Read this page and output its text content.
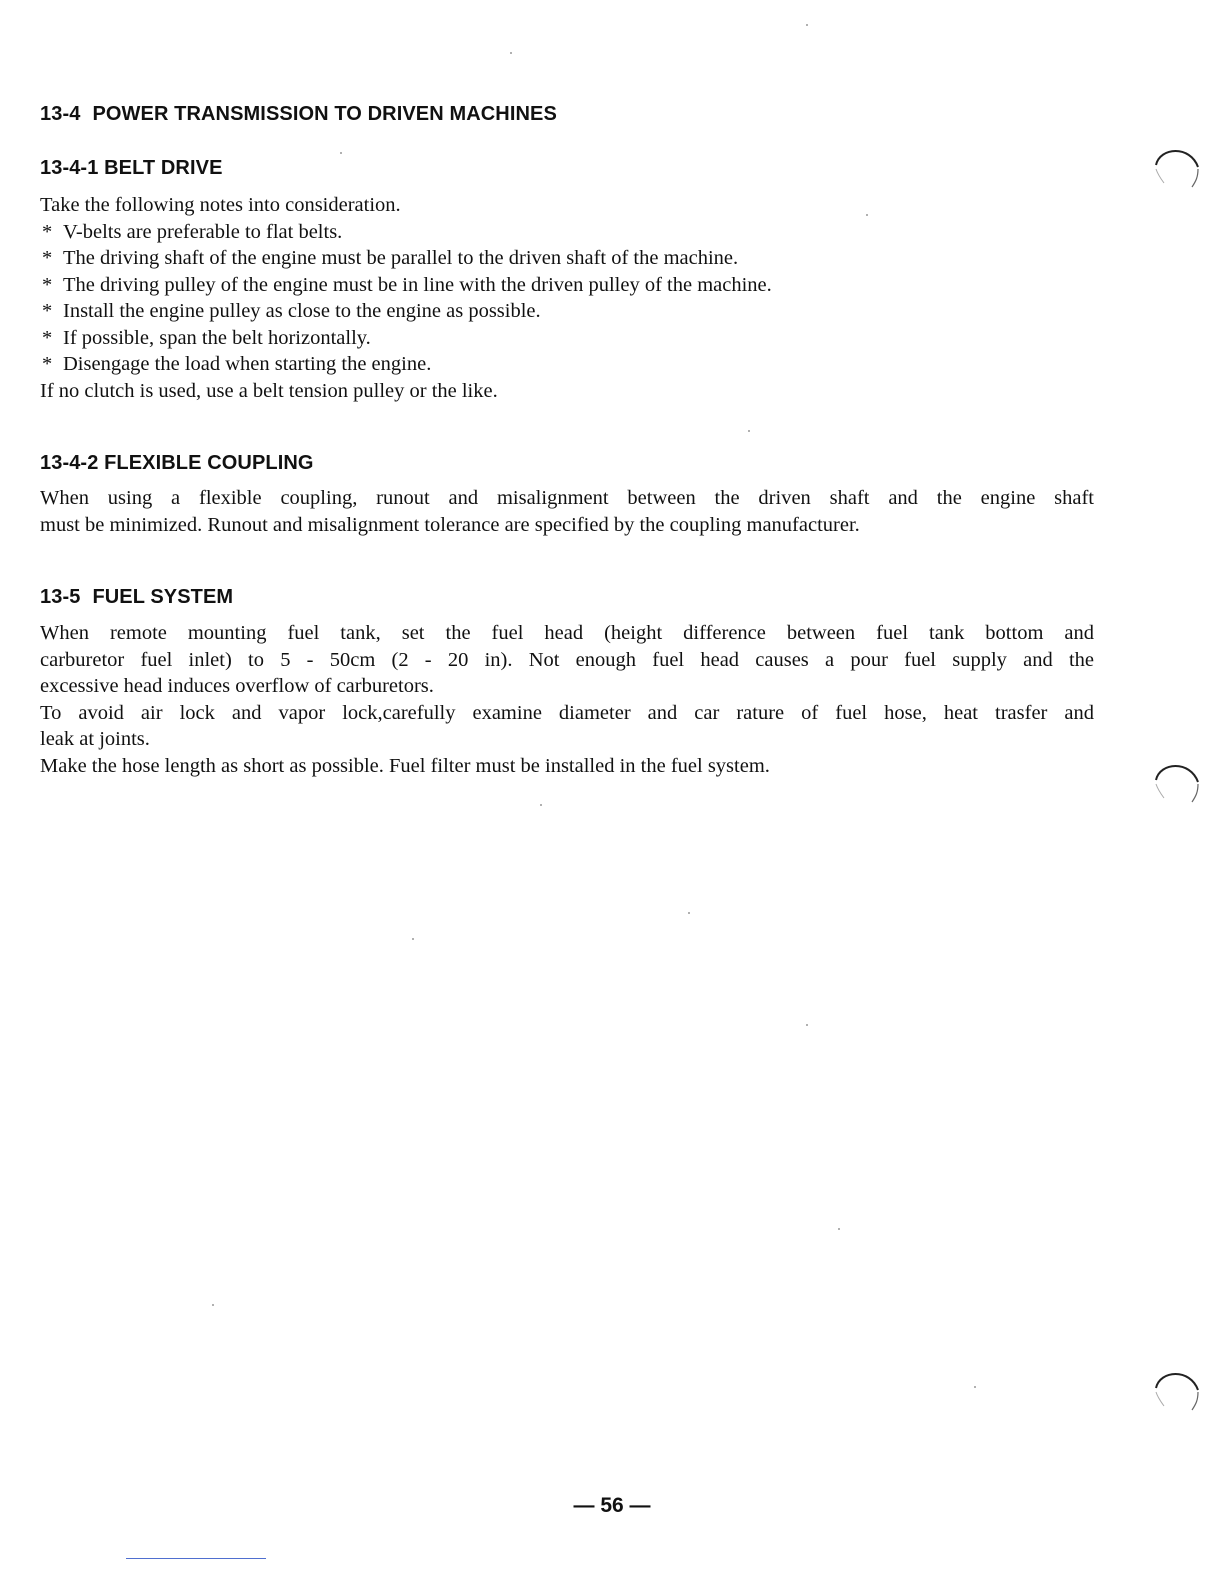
13-4 POWER TRANSMISSION TO DRIVEN MACHINES
13-4-1 BELT DRIVE
Take the following notes into consideration.
* V-belts are preferable to flat belts.
* The driving shaft of the engine must be parallel to the driven shaft of the machine.
* The driving pulley of the engine must be in line with the driven pulley of the machine.
* Install the engine pulley as close to the engine as possible.
* If possible, span the belt horizontally.
* Disengage the load when starting the engine.
If no clutch is used, use a belt tension pulley or the like.
13-4-2 FLEXIBLE COUPLING
When using a flexible coupling, runout and misalignment between the driven shaft and the engine shaft
must be minimized. Runout and misalignment tolerance are specified by the coupling manufacturer.
13-5 FUEL SYSTEM
When remote mounting fuel tank, set the fuel head (height difference between fuel tank bottom and
carburetor fuel inlet) to 5 - 50cm (2 - 20 in). Not enough fuel head causes a pour fuel supply and the
excessive head induces overflow of carburetors.
To avoid air lock and vapor lock,carefully examine diameter and car rature of fuel hose, heat trasfer and
leak at joints.
Make the hose length as short as possible. Fuel filter must be installed in the fuel system.
— 56 —
